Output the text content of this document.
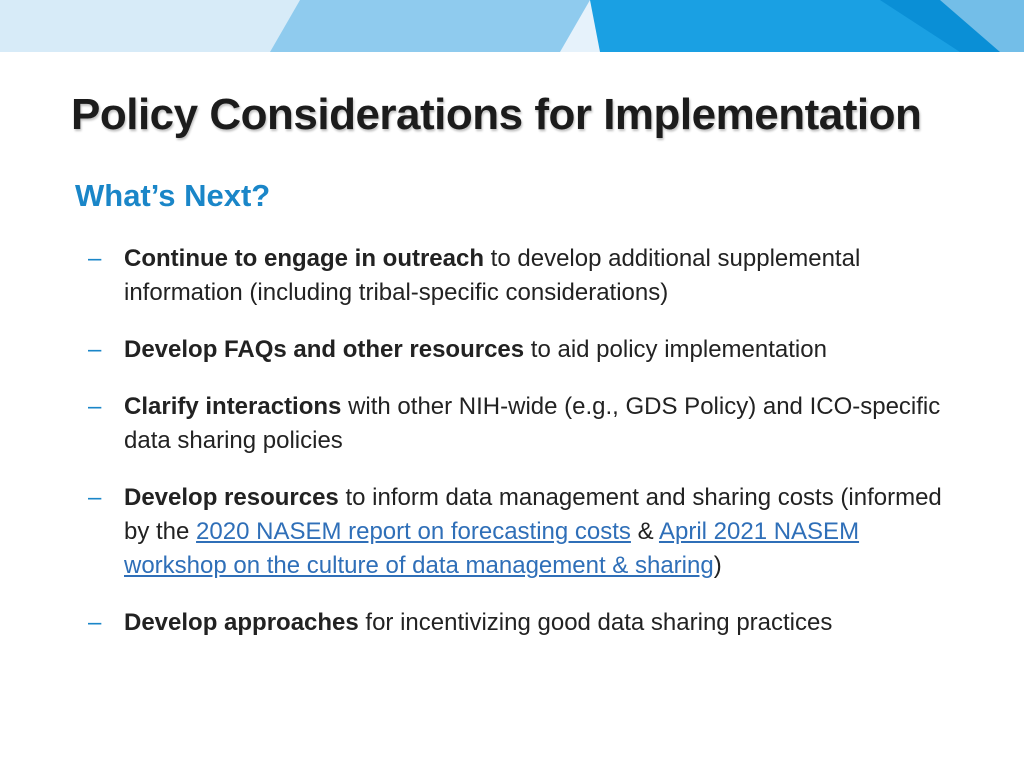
Policy Considerations for Implementation
What’s Next?
– Continue to engage in outreach to develop additional supplemental information (including tribal-specific considerations)
– Develop FAQs and other resources to aid policy implementation
– Clarify interactions with other NIH-wide (e.g., GDS Policy) and ICO-specific data sharing policies
– Develop resources to inform data management and sharing costs (informed by the 2020 NASEM report on forecasting costs & April 2021 NASEM workshop on the culture of data management & sharing)
– Develop approaches for incentivizing good data sharing practices
